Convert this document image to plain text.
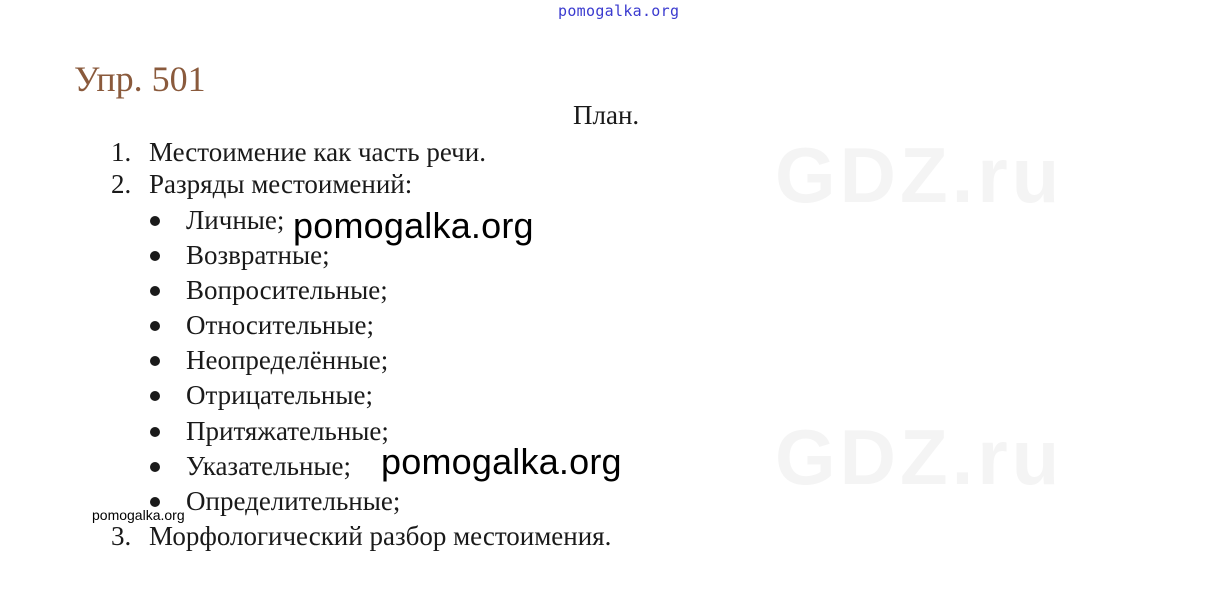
pomogalka.org
GDZ.ru
GDZ.ru
Упр. 501
План.
1. Местоимение как часть речи.
2. Разряды местоимений:
Личные;
Возвратные;
Вопросительные;
Относительные;
Неопределённые;
Отрицательные;
Притяжательные;
Указательные;
Определительные;
3. Морфологический разбор местоимения.
pomogalka.org
pomogalka.org
pomogalka.org
